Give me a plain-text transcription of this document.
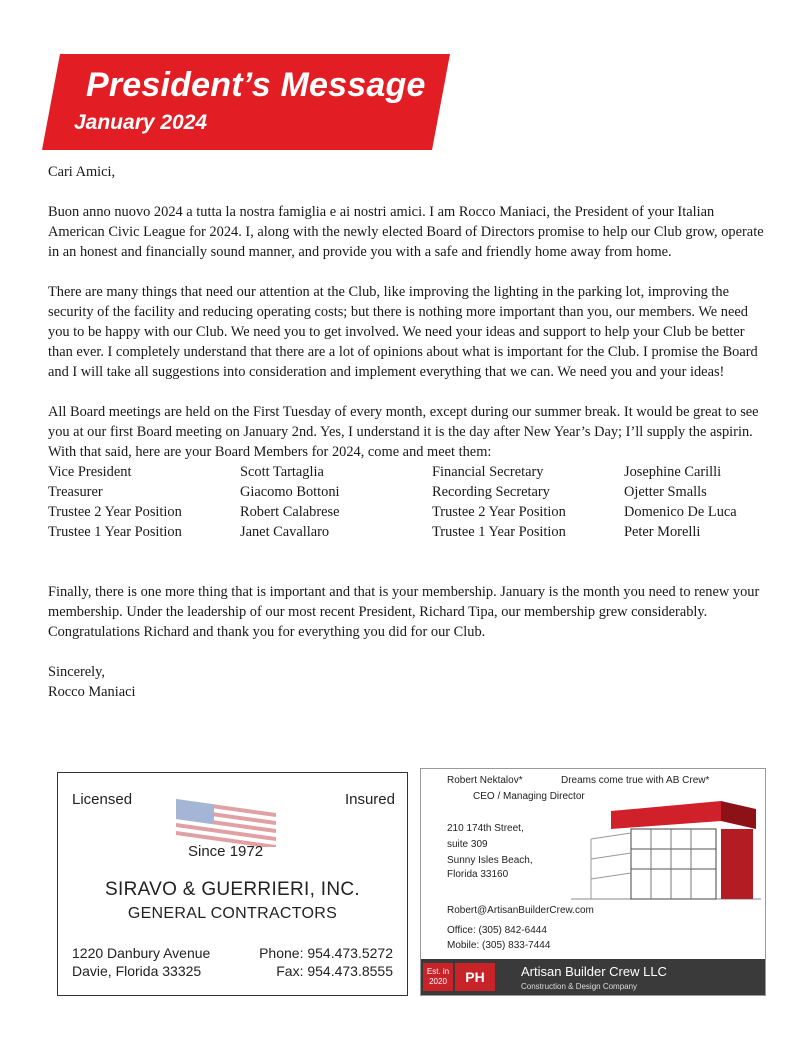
President’s Message
January 2024

Cari Amici,

Buon anno nuovo 2024 a tutta la nostra famiglia e ai nostri amici. I am Rocco Maniaci, the President of your Italian American Civic League for 2024. I, along with the newly elected Board of Directors promise to help our Club grow, operate in an honest and financially sound manner, and provide you with a safe and friendly home away from home.

There are many things that need our attention at the Club, like improving the lighting in the parking lot, improving the security of the facility and reducing operating costs; but there is nothing more important than you, our members. We need you to be happy with our Club. We need you to get involved. We need your ideas and support to help your Club be better than ever. I completely understand that there are a lot of opinions about what is important for the Club. I promise the Board and I will take all suggestions into consideration and implement everything that we can. We need you and your ideas!

All Board meetings are held on the First Tuesday of every month, except during our summer break. It would be great to see you at our first Board meeting on January 2nd. Yes, I understand it is the day after New Year’s Day; I’ll supply the aspirin. With that said, here are your Board Members for 2024, come and meet them:

Vice President	Scott Tartaglia	Financial Secretary	Josephine Carilli
Treasurer	Giacomo Bottoni	Recording Secretary	Ojetter Smalls
Trustee 2 Year Position	Robert Calabrese	Trustee 2 Year Position	Domenico De Luca
Trustee 1 Year Position	Janet Cavallaro	Trustee 1 Year Position	Peter Morelli

Finally, there is one more thing that is important and that is your membership. January is the month you need to renew your membership. Under the leadership of our most recent President, Richard Tipa, our membership grew considerably. Congratulations Richard and thank you for everything you did for our Club.

Sincerely,

Rocco Maniaci

Licensed	Insured
Since 1972
SIRAVO & GUERRIERI, INC.
GENERAL CONTRACTORS
1220 Danbury Avenue
Davie, Florida 33325
Phone: 954.473.5272
Fax: 954.473.8555
Robert Nektalov*	Dreams come true with AB Crew*
CEO / Managing Director
210 174th Street,
suite 309
Sunny Isles Beach,
Florida 33160
Robert@ArtisanBuilderCrew.com
Office: (305) 842-6444
Mobile: (305) 833-7444
Est. in
2020	PH	Artisan Builder Crew LLC
Construction & Design Company
